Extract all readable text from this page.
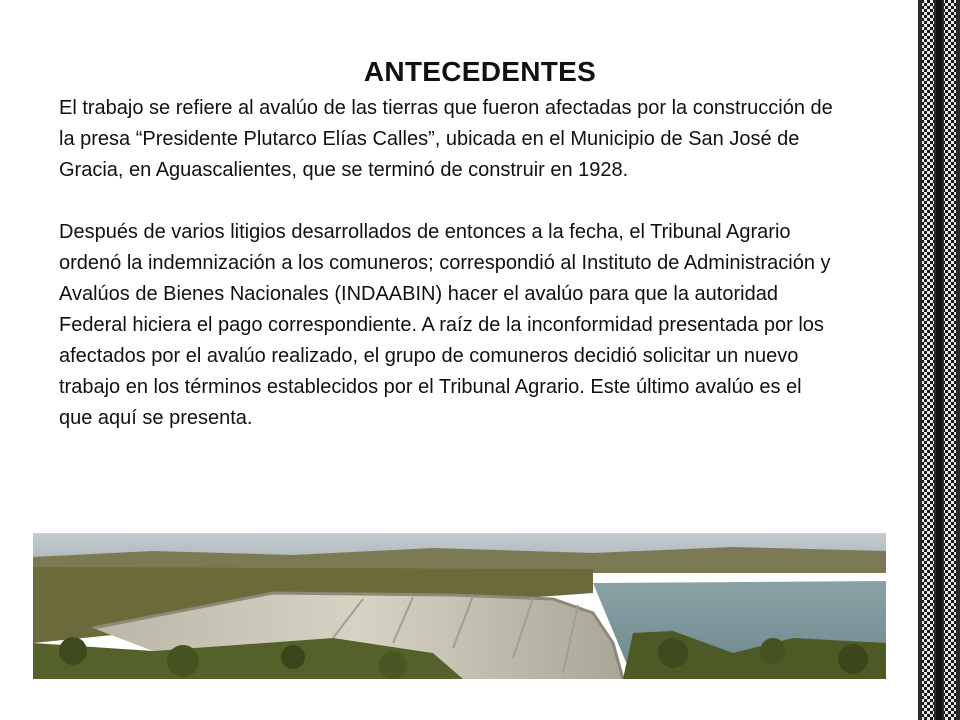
ANTECEDENTES

El trabajo se refiere al avalúo de las tierras que fueron afectadas por la construcción de la presa “Presidente Plutarco Elías Calles”, ubicada en el Municipio de San José de Gracia, en Aguascalientes, que se terminó de construir en 1928.

Después de varios litigios desarrollados de entonces a la fecha, el Tribunal Agrario ordenó la indemnización a los comuneros; correspondió al Instituto de Administración y Avalúos de Bienes Nacionales (INDAABIN) hacer el avalúo para que la autoridad Federal hiciera el pago correspondiente. A raíz de la inconformidad presentada por los afectados por el avalúo realizado, el grupo de comuneros decidió solicitar un nuevo trabajo en los términos establecidos por el Tribunal Agrario. Este último avalúo es el que aquí se presenta.
